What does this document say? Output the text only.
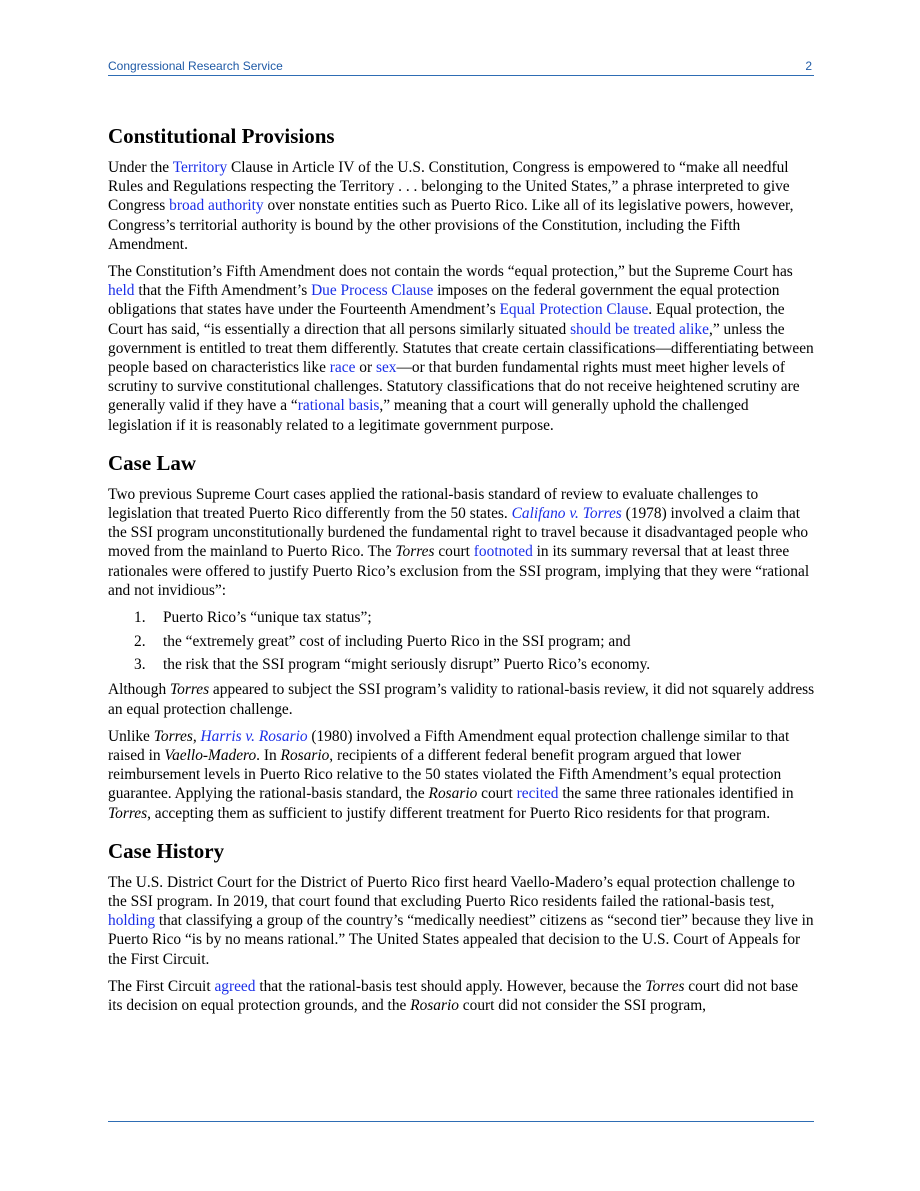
Congressional Research Service	2
Constitutional Provisions

Under the Territory Clause in Article IV of the U.S. Constitution, Congress is empowered to “make all needful Rules and Regulations respecting the Territory . . . belonging to the United States,” a phrase interpreted to give Congress broad authority over nonstate entities such as Puerto Rico. Like all of its legislative powers, however, Congress’s territorial authority is bound by the other provisions of the Constitution, including the Fifth Amendment.

The Constitution’s Fifth Amendment does not contain the words “equal protection,” but the Supreme Court has held that the Fifth Amendment’s Due Process Clause imposes on the federal government the equal protection obligations that states have under the Fourteenth Amendment’s Equal Protection Clause. Equal protection, the Court has said, “is essentially a direction that all persons similarly situated should be treated alike,” unless the government is entitled to treat them differently. Statutes that create certain classifications—differentiating between people based on characteristics like race or sex—or that burden fundamental rights must meet higher levels of scrutiny to survive constitutional challenges. Statutory classifications that do not receive heightened scrutiny are generally valid if they have a “rational basis,” meaning that a court will generally uphold the challenged legislation if it is reasonably related to a legitimate government purpose.

Case Law

Two previous Supreme Court cases applied the rational-basis standard of review to evaluate challenges to legislation that treated Puerto Rico differently from the 50 states. Califano v. Torres (1978) involved a claim that the SSI program unconstitutionally burdened the fundamental right to travel because it disadvantaged people who moved from the mainland to Puerto Rico. The Torres court footnoted in its summary reversal that at least three rationales were offered to justify Puerto Rico’s exclusion from the SSI program, implying that they were “rational and not invidious”:

1. Puerto Rico’s “unique tax status”;
2. the “extremely great” cost of including Puerto Rico in the SSI program; and
3. the risk that the SSI program “might seriously disrupt” Puerto Rico’s economy.

Although Torres appeared to subject the SSI program’s validity to rational-basis review, it did not squarely address an equal protection challenge.

Unlike Torres, Harris v. Rosario (1980) involved a Fifth Amendment equal protection challenge similar to that raised in Vaello-Madero. In Rosario, recipients of a different federal benefit program argued that lower reimbursement levels in Puerto Rico relative to the 50 states violated the Fifth Amendment’s equal protection guarantee. Applying the rational-basis standard, the Rosario court recited the same three rationales identified in Torres, accepting them as sufficient to justify different treatment for Puerto Rico residents for that program.

Case History

The U.S. District Court for the District of Puerto Rico first heard Vaello-Madero’s equal protection challenge to the SSI program. In 2019, that court found that excluding Puerto Rico residents failed the rational-basis test, holding that classifying a group of the country’s “medically neediest” citizens as “second tier” because they live in Puerto Rico “is by no means rational.” The United States appealed that decision to the U.S. Court of Appeals for the First Circuit.

The First Circuit agreed that the rational-basis test should apply. However, because the Torres court did not base its decision on equal protection grounds, and the Rosario court did not consider the SSI program,
